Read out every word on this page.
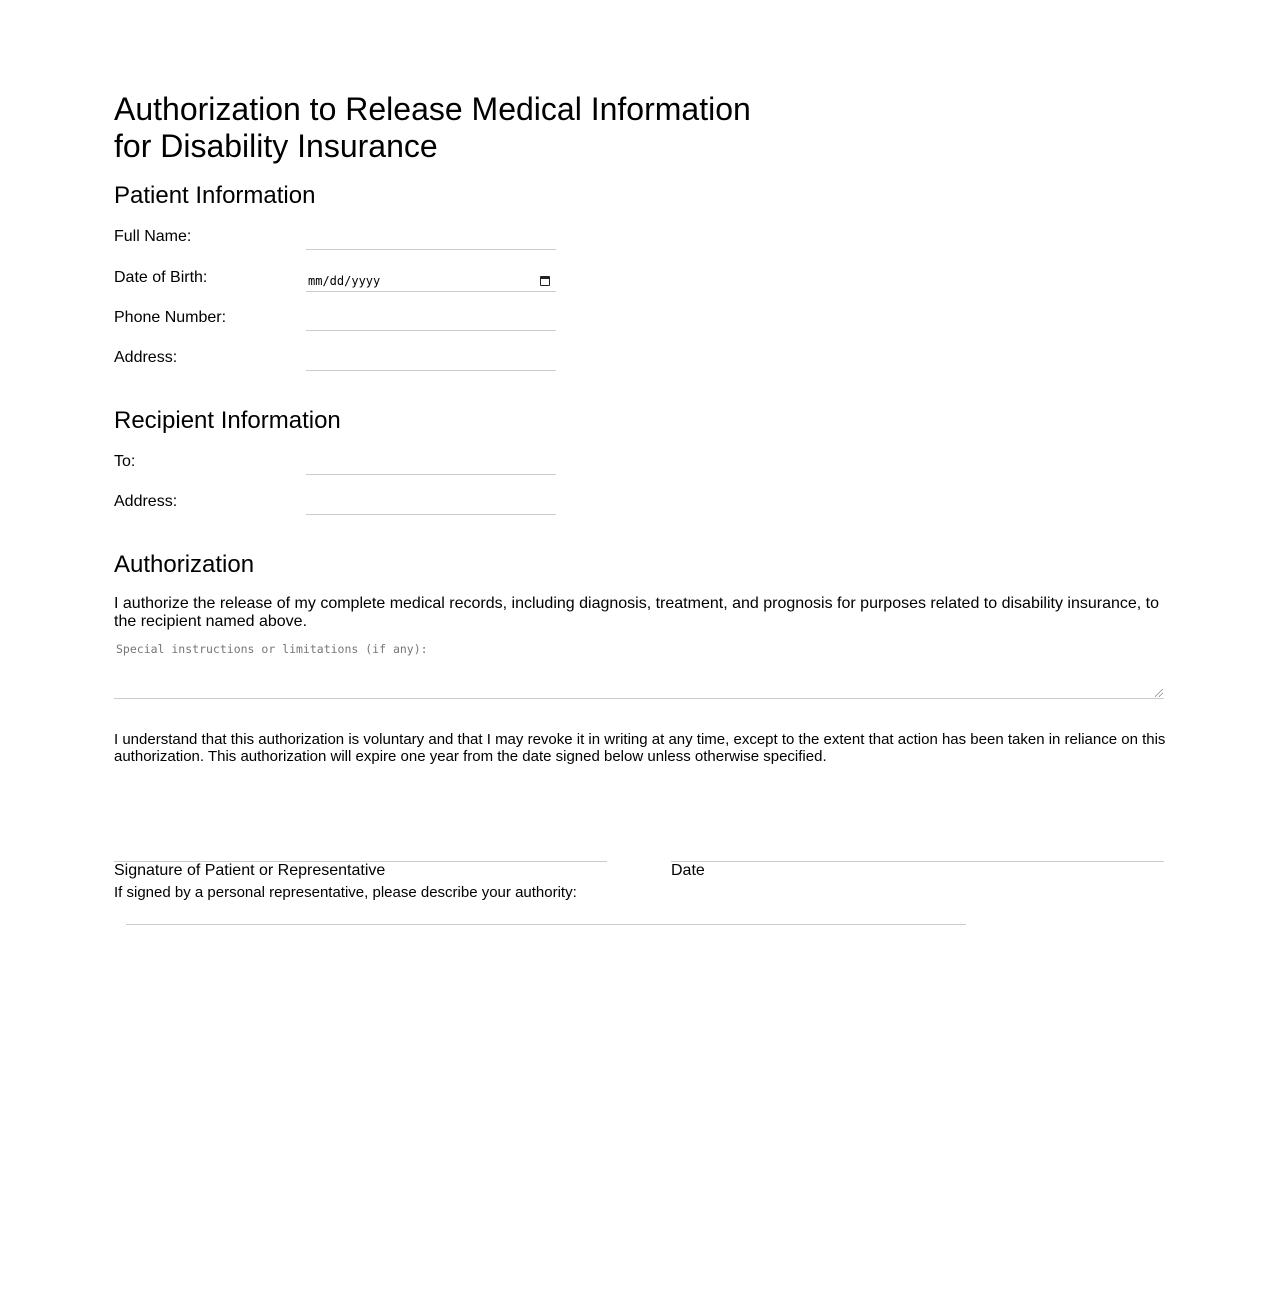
Authorization to Release Medical Information
for Disability Insurance
Patient Information
Full Name:
Date of Birth:	mm/dd/yyyy
Phone Number:
Address:
Recipient Information
To:
Address:
Authorization
I authorize the release of my complete medical records, including diagnosis, treatment, and prognosis for purposes related to disability insurance, to the recipient named above.
Special instructions or limitations (if any):
I understand that this authorization is voluntary and that I may revoke it in writing at any time, except to the extent that action has been taken in reliance on this authorization. This authorization will expire one year from the date signed below unless otherwise specified.
Signature of Patient or Representative	Date
If signed by a personal representative, please describe your authority:
